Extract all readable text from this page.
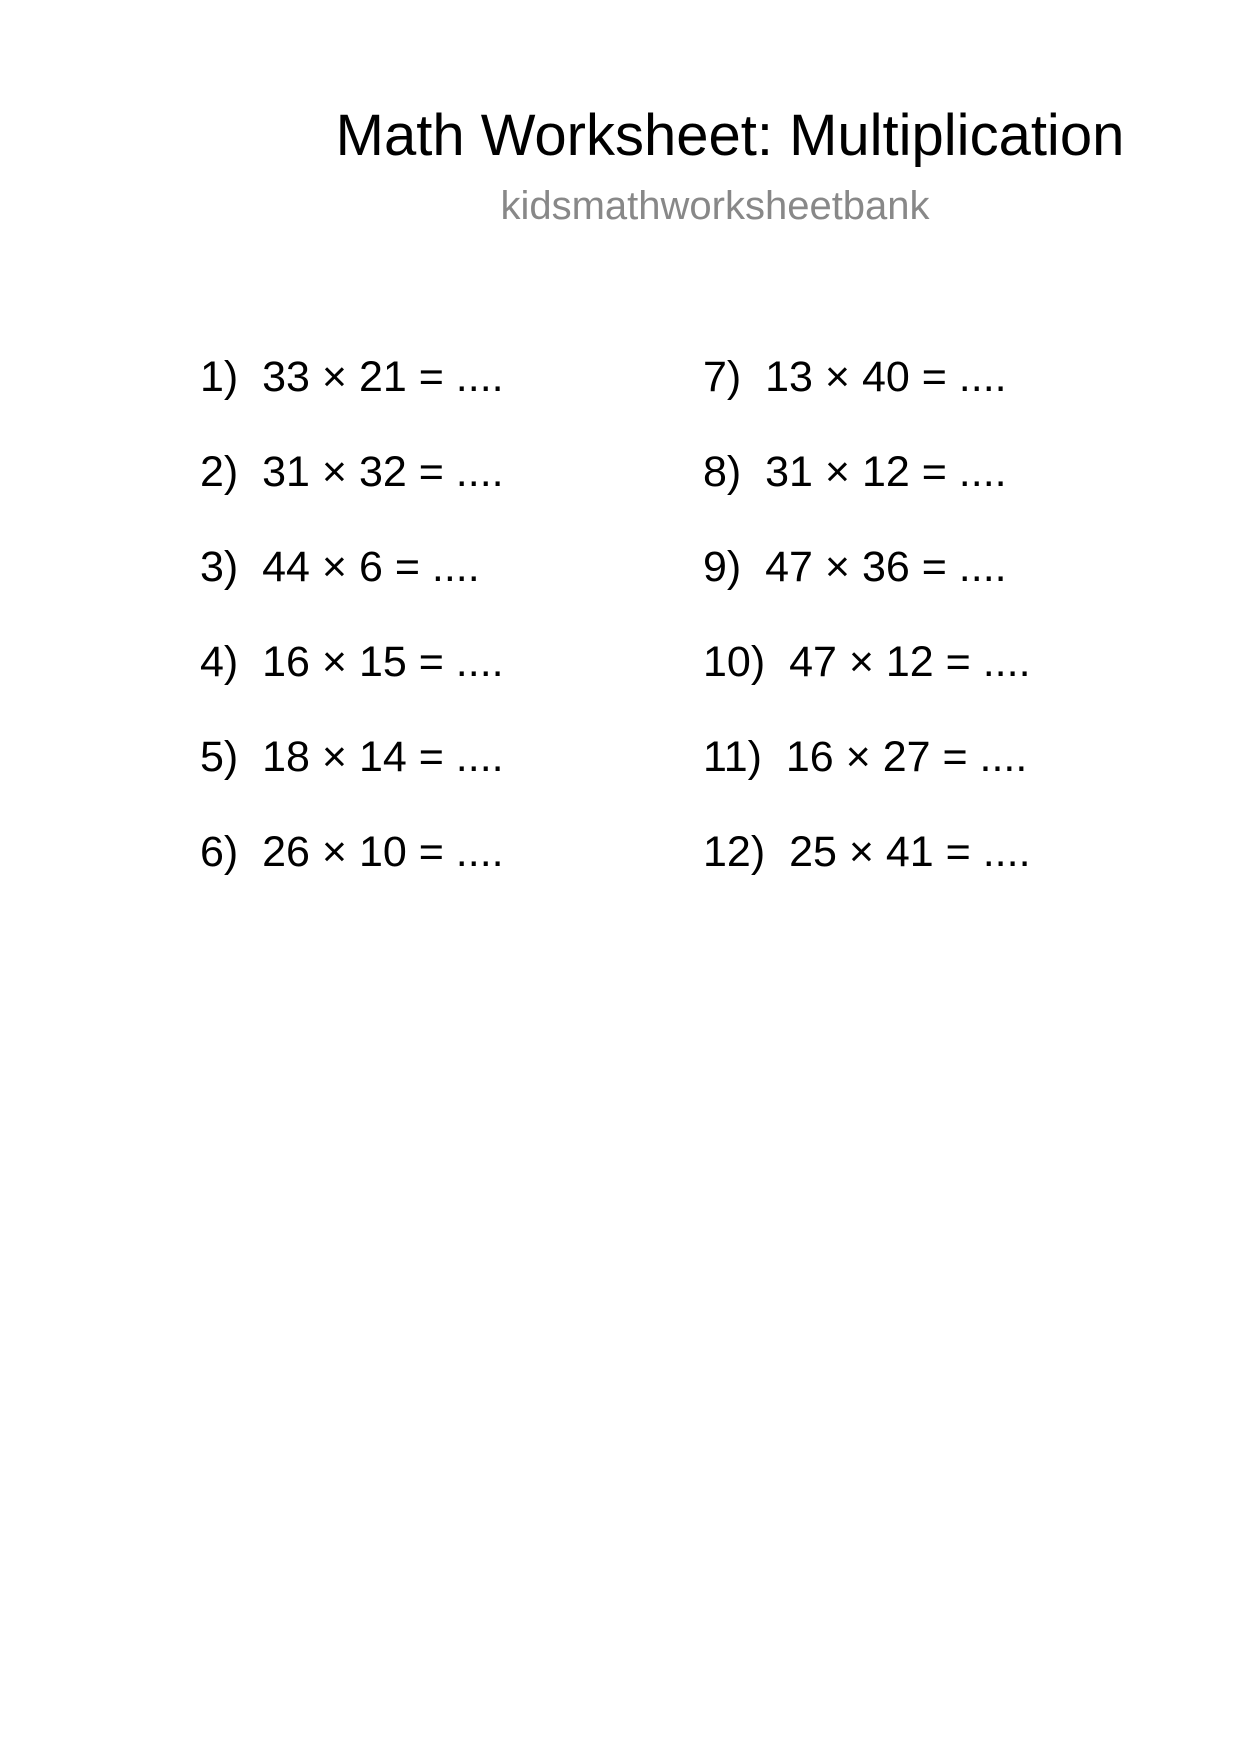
Math Worksheet: Multiplication
kidsmathworksheetbank
1) 33 × 21 = ....
2) 31 × 32 = ....
3) 44 × 6 = ....
4) 16 × 15 = ....
5) 18 × 14 = ....
6) 26 × 10 = ....
7) 13 × 40 = ....
8) 31 × 12 = ....
9) 47 × 36 = ....
10) 47 × 12 = ....
11) 16 × 27 = ....
12) 25 × 41 = ....
